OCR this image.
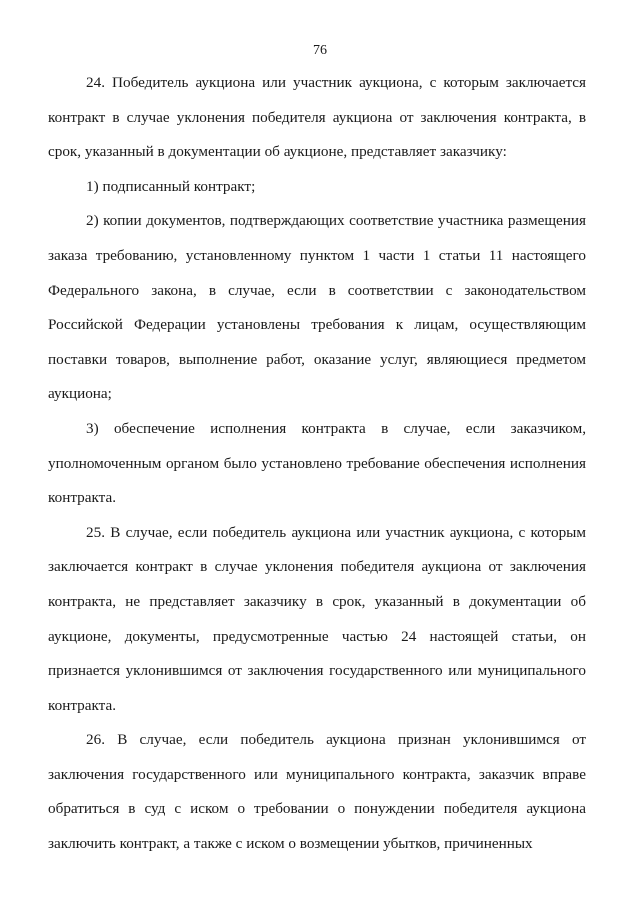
76

24. Победитель аукциона или участник аукциона, с которым заключается контракт в случае уклонения победителя аукциона от заключения контракта, в срок, указанный в документации об аукционе, представляет заказчику:

1) подписанный контракт;

2) копии документов, подтверждающих соответствие участника размещения заказа требованию, установленному пунктом 1 части 1 статьи 11 настоящего Федерального закона, в случае, если в соответствии с законодательством Российской Федерации установлены требования к лицам, осуществляющим поставки товаров, выполнение работ, оказание услуг, являющиеся предметом аукциона;

3) обеспечение исполнения контракта в случае, если заказчиком, уполномоченным органом было установлено требование обеспечения исполнения контракта.

25. В случае, если победитель аукциона или участник аукциона, с которым заключается контракт в случае уклонения победителя аукциона от заключения контракта, не представляет заказчику в срок, указанный в документации об аукционе, документы, предусмотренные частью 24 настоящей статьи, он признается уклонившимся от заключения государственного или муниципального контракта.

26. В случае, если победитель аукциона признан уклонившимся от заключения государственного или муниципального контракта, заказчик вправе обратиться в суд с иском о требовании о понуждении победителя аукциона заключить контракт, а также с иском о возмещении убытков, причиненных
